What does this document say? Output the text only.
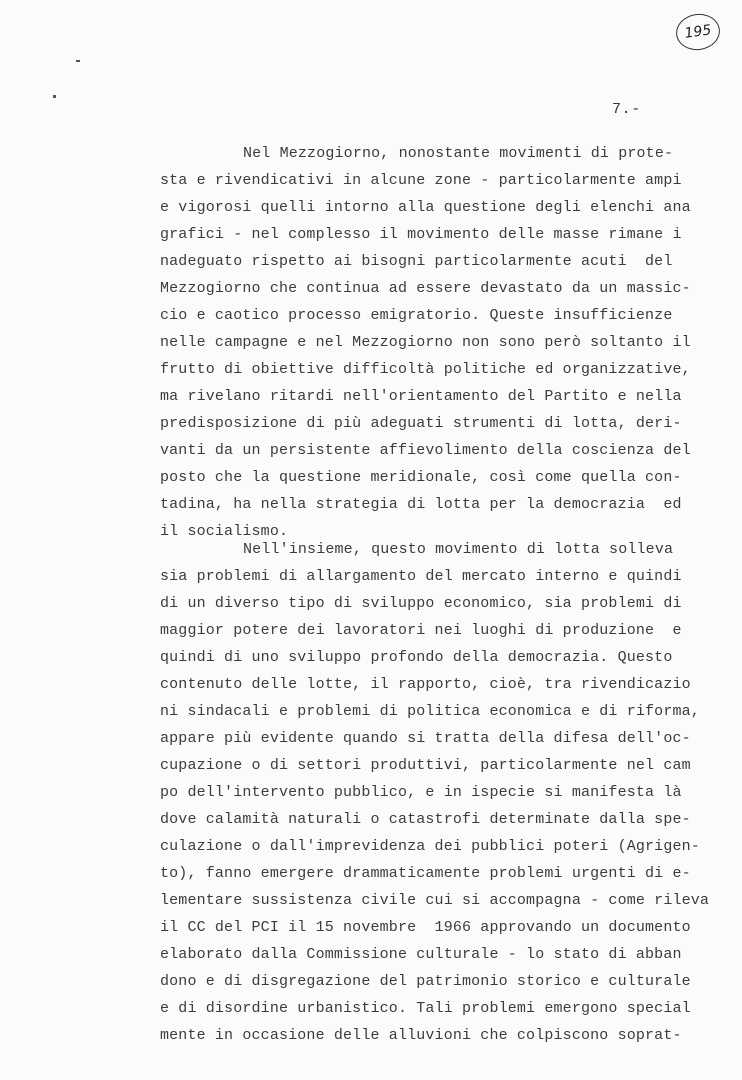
195
7.-
Nel Mezzogiorno, nonostante movimenti di prote-
sta e rivendicativi in alcune zone - particolarmente ampi
e vigorosi quelli intorno alla questione degli elenchi ana
grafici - nel complesso il movimento delle masse rimane i
nadeguato rispetto ai bisogni particolarmente acuti  del
Mezzogiorno che continua ad essere devastato da un massic-
cio e caotico processo emigratorio. Queste insufficienze
nelle campagne e nel Mezzogiorno non sono però soltanto il
frutto di obiettive difficoltà politiche ed organizzative,
ma rivelano ritardi nell'orientamento del Partito e nella
predisposizione di più adeguati strumenti di lotta, deri-
vanti da un persistente affievolimento della coscienza del
posto che la questione meridionale, così come quella con-
tadina, ha nella strategia di lotta per la democrazia  ed
il socialismo.
Nell'insieme, questo movimento di lotta solleva
sia problemi di allargamento del mercato interno e quindi
di un diverso tipo di sviluppo economico, sia problemi di
maggior potere dei lavoratori nei luoghi di produzione  e
quindi di uno sviluppo profondo della democrazia. Questo
contenuto delle lotte, il rapporto, cioè, tra rivendicazio
ni sindacali e problemi di politica economica e di riforma,
appare più evidente quando si tratta della difesa dell'oc-
cupazione o di settori produttivi, particolarmente nel cam
po dell'intervento pubblico, e in ispecie si manifesta là
dove calamità naturali o catastrofi determinate dalla spe-
culazione o dall'imprevidenza dei pubblici poteri (Agrigen-
to), fanno emergere drammaticamente problemi urgenti di e-
lementare sussistenza civile cui si accompagna - come rileva
il CC del PCI il 15 novembre  1966 approvando un documento
elaborato dalla Commissione culturale - lo stato di abban
dono e di disgregazione del patrimonio storico e culturale
e di disordine urbanistico. Tali problemi emergono special
mente in occasione delle alluvioni che colpiscono soprat-
